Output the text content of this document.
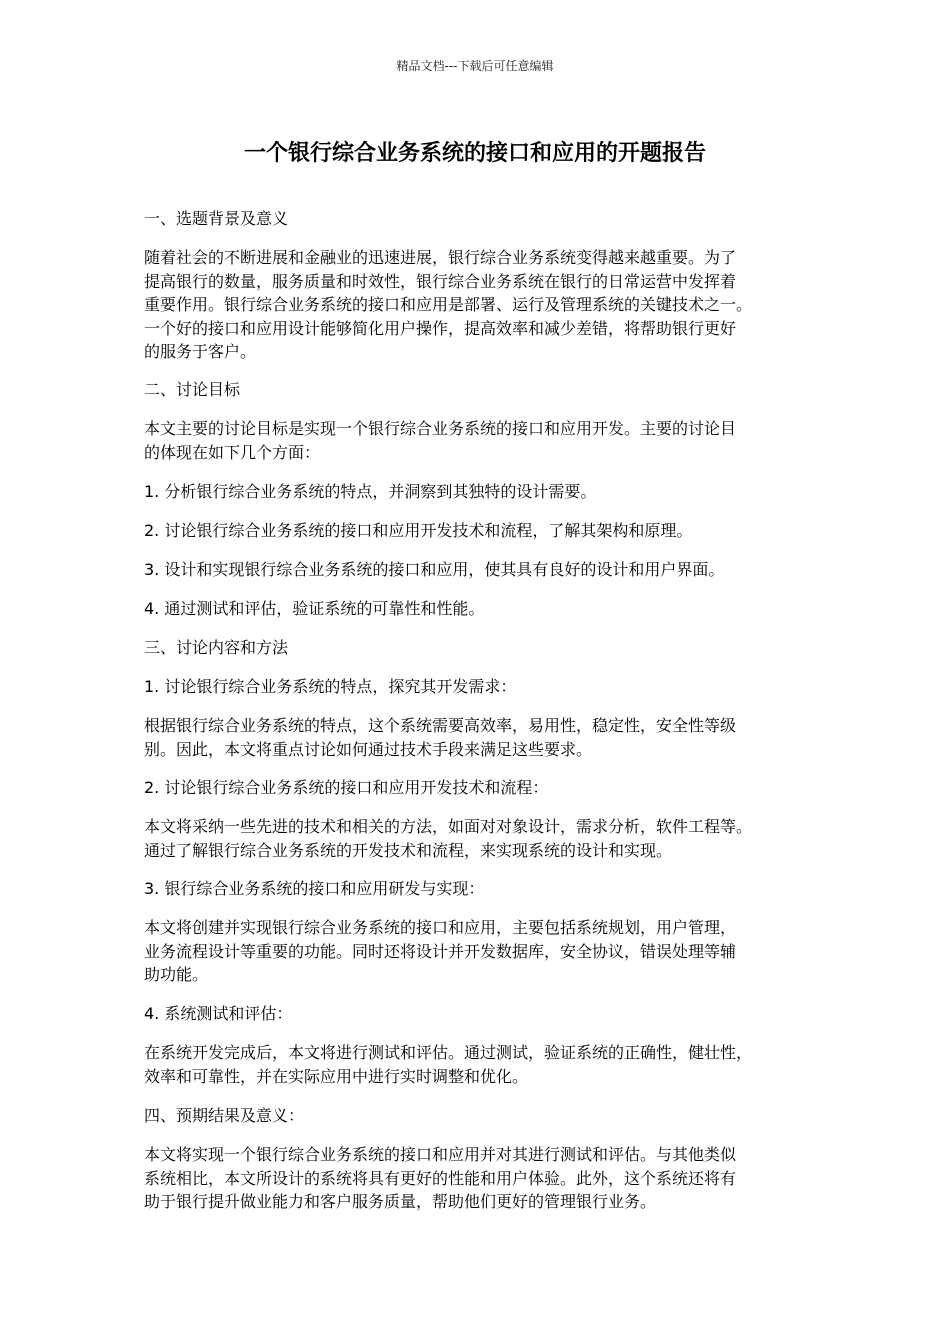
精品文档---下载后可任意编辑
一个银行综合业务系统的接口和应用的开题报告
一、选题背景及意义
随着社会的不断进展和金融业的迅速进展，银行综合业务系统变得越来越重要。为了
提高银行的数量，服务质量和时效性，银行综合业务系统在银行的日常运营中发挥着
重要作用。银行综合业务系统的接口和应用是部署、运行及管理系统的关键技术之一。
一个好的接口和应用设计能够简化用户操作，提高效率和减少差错，将帮助银行更好
的服务于客户。
二、讨论目标
本文主要的讨论目标是实现一个银行综合业务系统的接口和应用开发。主要的讨论目
的体现在如下几个方面：
1. 分析银行综合业务系统的特点，并洞察到其独特的设计需要。
2. 讨论银行综合业务系统的接口和应用开发技术和流程，了解其架构和原理。
3. 设计和实现银行综合业务系统的接口和应用，使其具有良好的设计和用户界面。
4. 通过测试和评估，验证系统的可靠性和性能。
三、讨论内容和方法
1. 讨论银行综合业务系统的特点，探究其开发需求：
根据银行综合业务系统的特点，这个系统需要高效率，易用性，稳定性，安全性等级
别。因此，本文将重点讨论如何通过技术手段来满足这些要求。
2. 讨论银行综合业务系统的接口和应用开发技术和流程：
本文将采纳一些先进的技术和相关的方法，如面对对象设计，需求分析，软件工程等。
通过了解银行综合业务系统的开发技术和流程，来实现系统的设计和实现。
3. 银行综合业务系统的接口和应用研发与实现：
本文将创建并实现银行综合业务系统的接口和应用，主要包括系统规划，用户管理，
业务流程设计等重要的功能。同时还将设计并开发数据库，安全协议，错误处理等辅
助功能。
4. 系统测试和评估：
在系统开发完成后，本文将进行测试和评估。通过测试，验证系统的正确性，健壮性，
效率和可靠性，并在实际应用中进行实时调整和优化。
四、预期结果及意义：
本文将实现一个银行综合业务系统的接口和应用并对其进行测试和评估。与其他类似
系统相比，本文所设计的系统将具有更好的性能和用户体验。此外，这个系统还将有
助于银行提升做业能力和客户服务质量，帮助他们更好的管理银行业务。
